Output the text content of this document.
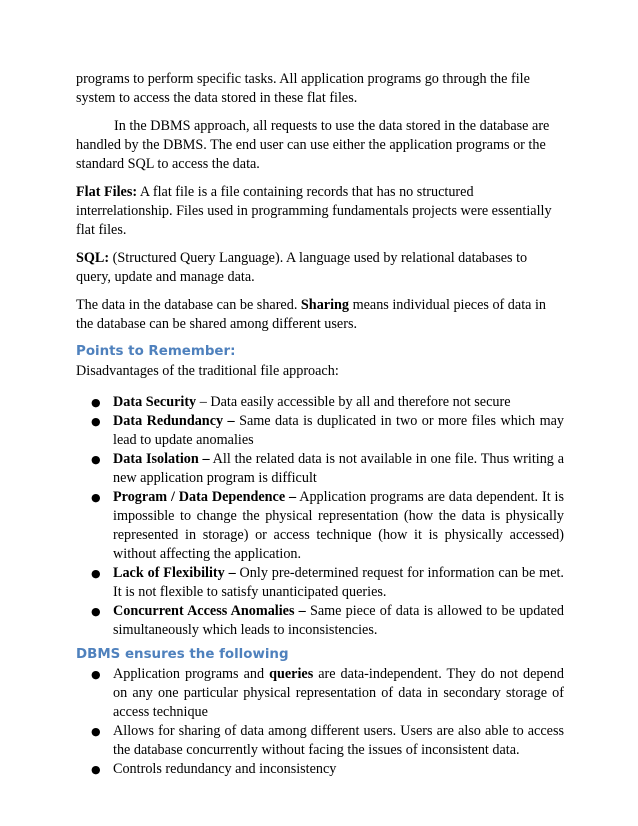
programs to perform specific tasks. All application programs go through the file system to access the data stored in these flat files.

In the DBMS approach, all requests to use the data stored in the database are handled by the DBMS. The end user can use either the application programs or the standard SQL to access the data.

Flat Files: A flat file is a file containing records that has no structured interrelationship. Files used in programming fundamentals projects were essentially flat files.

SQL: (Structured Query Language). A language used by relational databases to query, update and manage data.

The data in the database can be shared. Sharing means individual pieces of data in the database can be shared among different users.

Points to Remember:

Disadvantages of the traditional file approach:

● Data Security – Data easily accessible by all and therefore not secure
● Data Redundancy – Same data is duplicated in two or more files which may lead to update anomalies
● Data Isolation – All the related data is not available in one file. Thus writing a new application program is difficult
● Program / Data Dependence – Application programs are data dependent. It is impossible to change the physical representation (how the data is physically represented in storage) or access technique (how it is physically accessed) without affecting the application.
● Lack of Flexibility – Only pre-determined request for information can be met. It is not flexible to satisfy unanticipated queries.
● Concurrent Access Anomalies – Same piece of data is allowed to be updated simultaneously which leads to inconsistencies.
DBMS ensures the following
● Application programs and queries are data-independent. They do not depend on any one particular physical representation of data in secondary storage of access technique
● Allows for sharing of data among different users. Users are also able to access the database concurrently without facing the issues of inconsistent data.
● Controls redundancy and inconsistency
